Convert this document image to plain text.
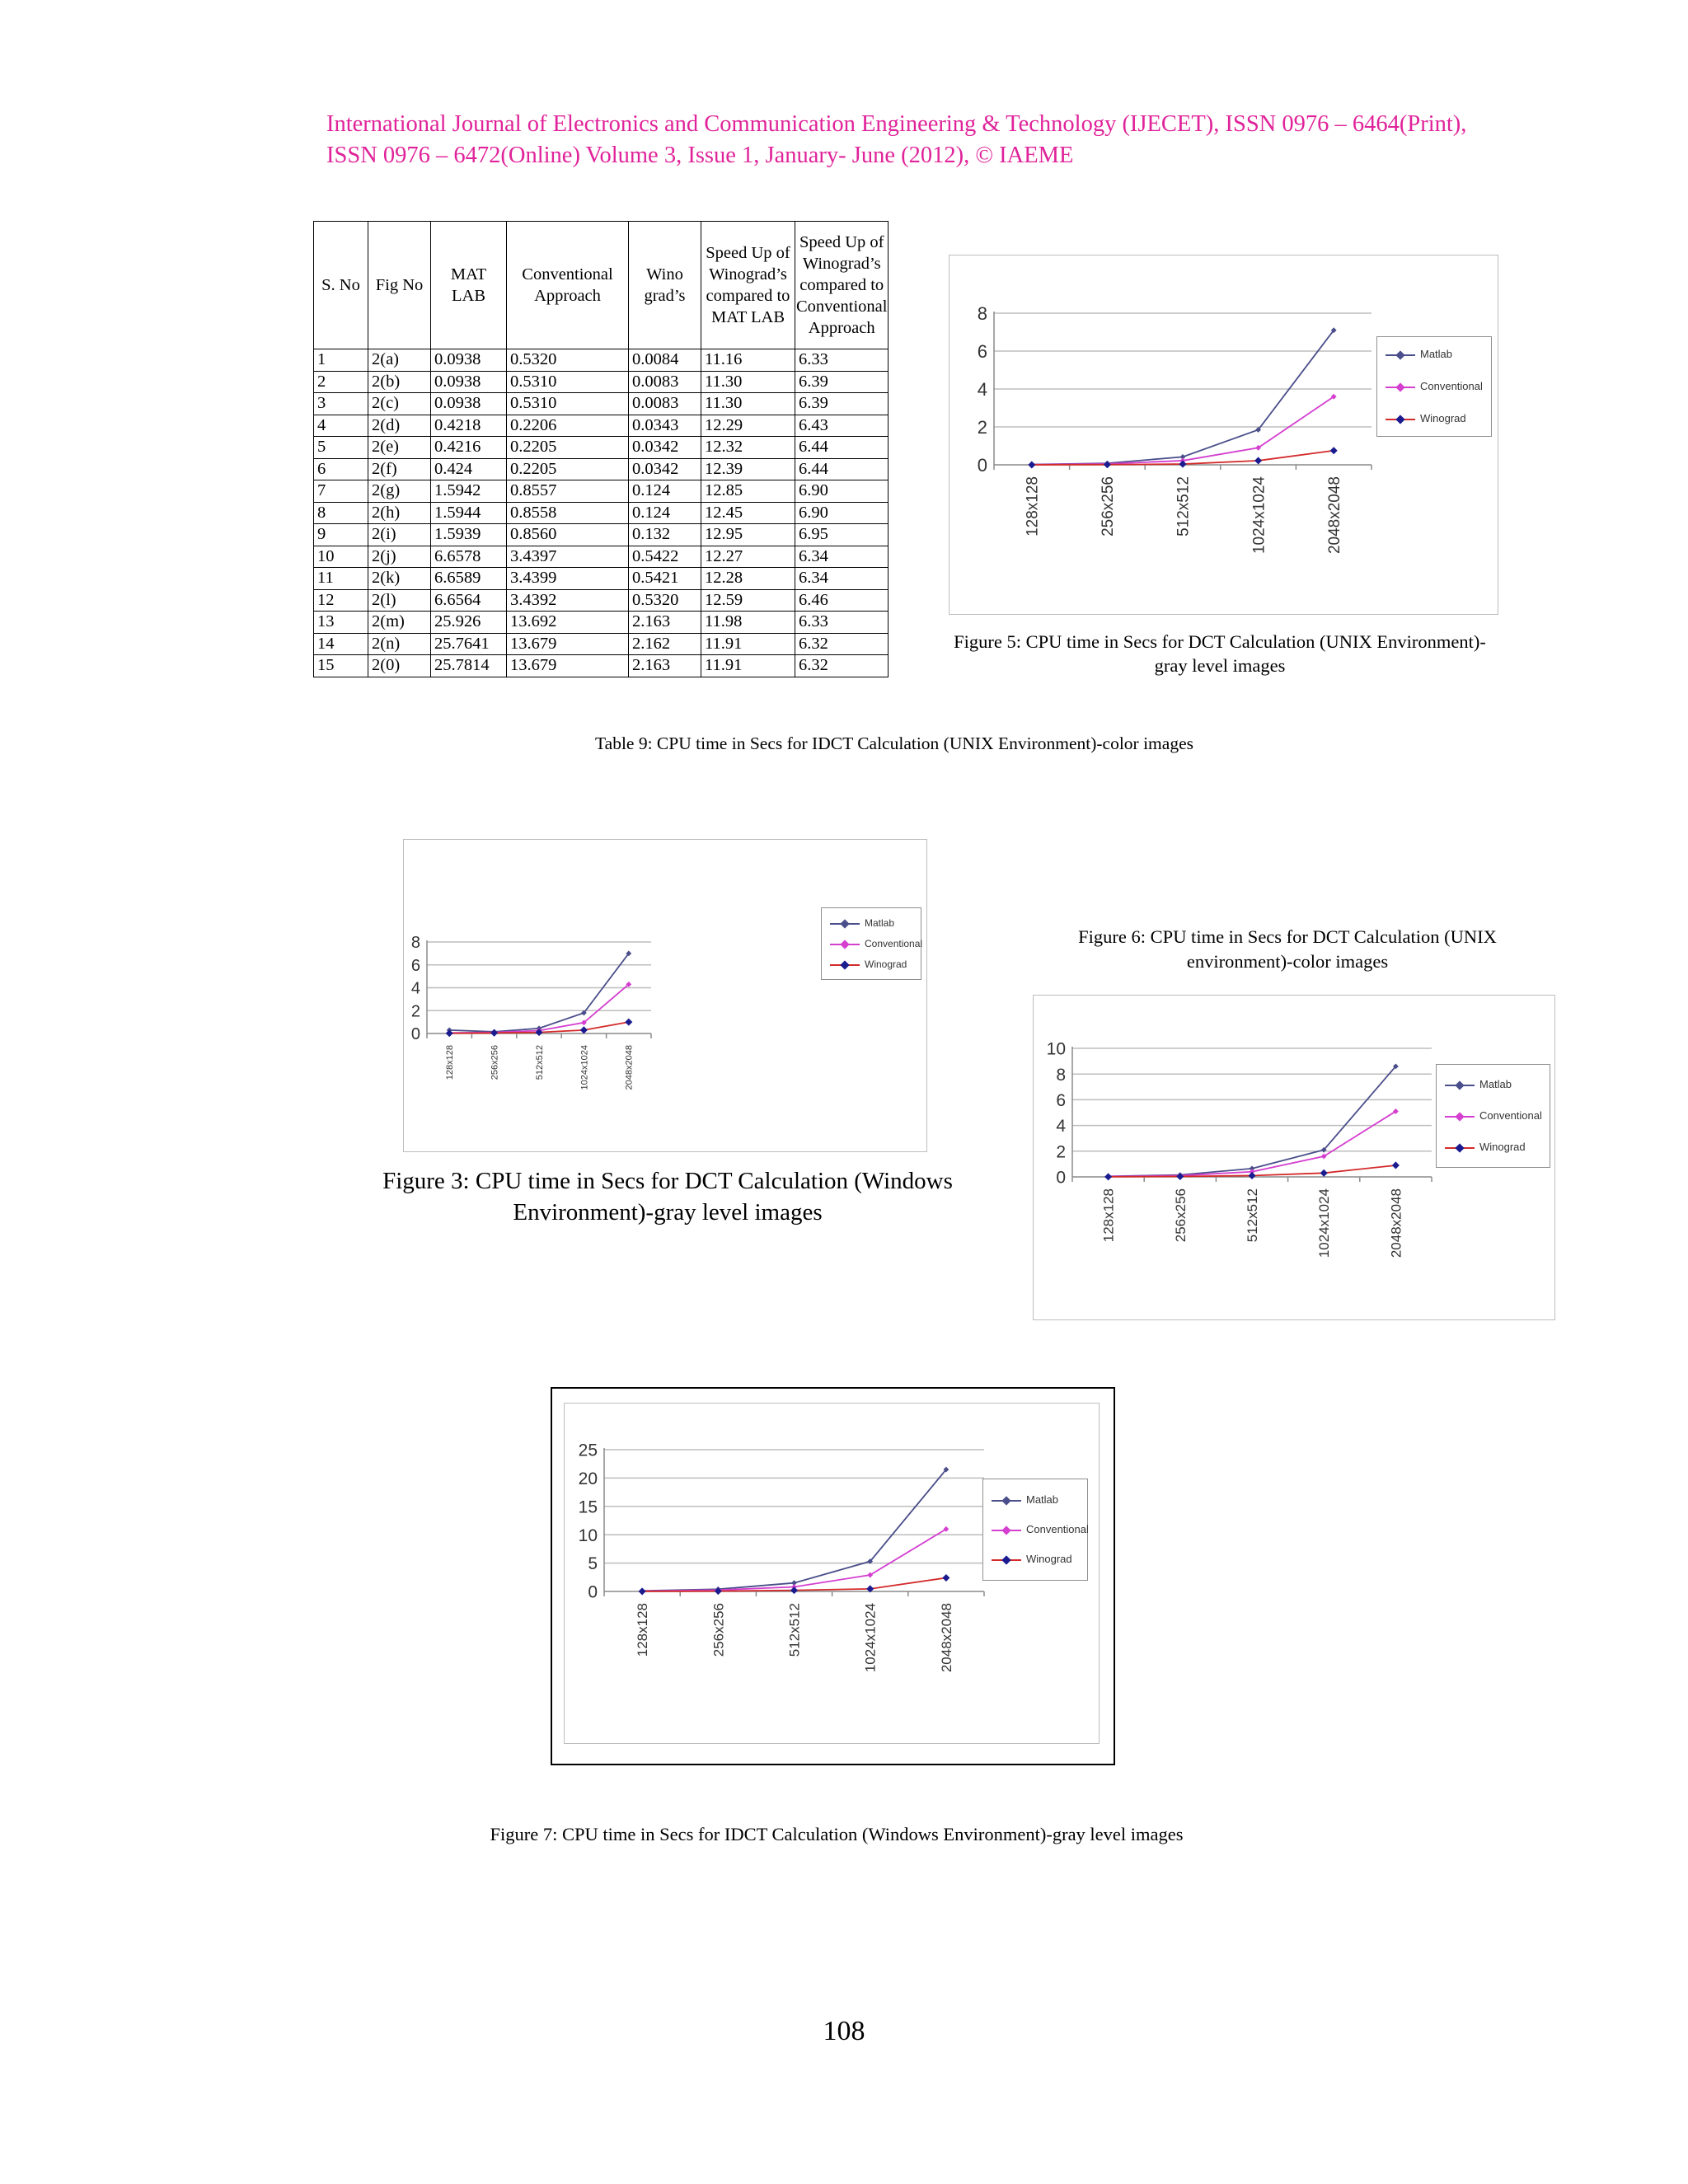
International Journal of Electronics and Communication Engineering & Technology (IJECET), ISSN 0976 – 6464(Print), ISSN 0976 – 6472(Online) Volume 3, Issue 1, January- June (2012), © IAEME
S. No	Fig No	MAT LAB	Conventional Approach	Wino grad’s	Speed Up of Winograd’s compared to MAT LAB	Speed Up of Winograd’s compared to Conventional Approach
1	2(a)	0.0938	0.5320	0.0084	11.16	6.33
2	2(b)	0.0938	0.5310	0.0083	11.30	6.39
3	2(c)	0.0938	0.5310	0.0083	11.30	6.39
4	2(d)	0.4218	0.2206	0.0343	12.29	6.43
5	2(e)	0.4216	0.2205	0.0342	12.32	6.44
6	2(f)	0.424	0.2205	0.0342	12.39	6.44
7	2(g)	1.5942	0.8557	0.124	12.85	6.90
8	2(h)	1.5944	0.8558	0.124	12.45	6.90
9	2(i)	1.5939	0.8560	0.132	12.95	6.95
10	2(j)	6.6578	3.4397	0.5422	12.27	6.34
11	2(k)	6.6589	3.4399	0.5421	12.28	6.34
12	2(l)	6.6564	3.4392	0.5320	12.59	6.46
13	2(m)	25.926	13.692	2.163	11.98	6.33
14	2(n)	25.7641	13.679	2.162	11.91	6.32
15	2(0)	25.7814	13.679	2.163	11.91	6.32
Table 9: CPU time in Secs for IDCT Calculation (UNIX Environment)-color images
0
2
4
6
8
128x128	256x256	512x512	1024x1024	2048x2048
Matlab
Conventional
Winograd
Figure 5: CPU time in Secs for DCT Calculation (UNIX Environment)-gray level images
0
2
4
6
8
128x128	256x256	512x512	1024x1024	2048x2048
Matlab
Conventional
Winograd
Figure 3: CPU time in Secs for DCT Calculation (Windows Environment)-gray level images
Figure 6: CPU time in Secs for DCT Calculation (UNIX environment)-color images
0
2
4
6
8
10
128x128	256x256	512x512	1024x1024	2048x2048
Matlab
Conventional
Winograd
0
5
10
15
20
25
128x128	256x256	512x512	1024x1024	2048x2048
Matlab
Conventional
Winograd
Figure 7: CPU time in Secs for IDCT Calculation (Windows Environment)-gray level images
108
